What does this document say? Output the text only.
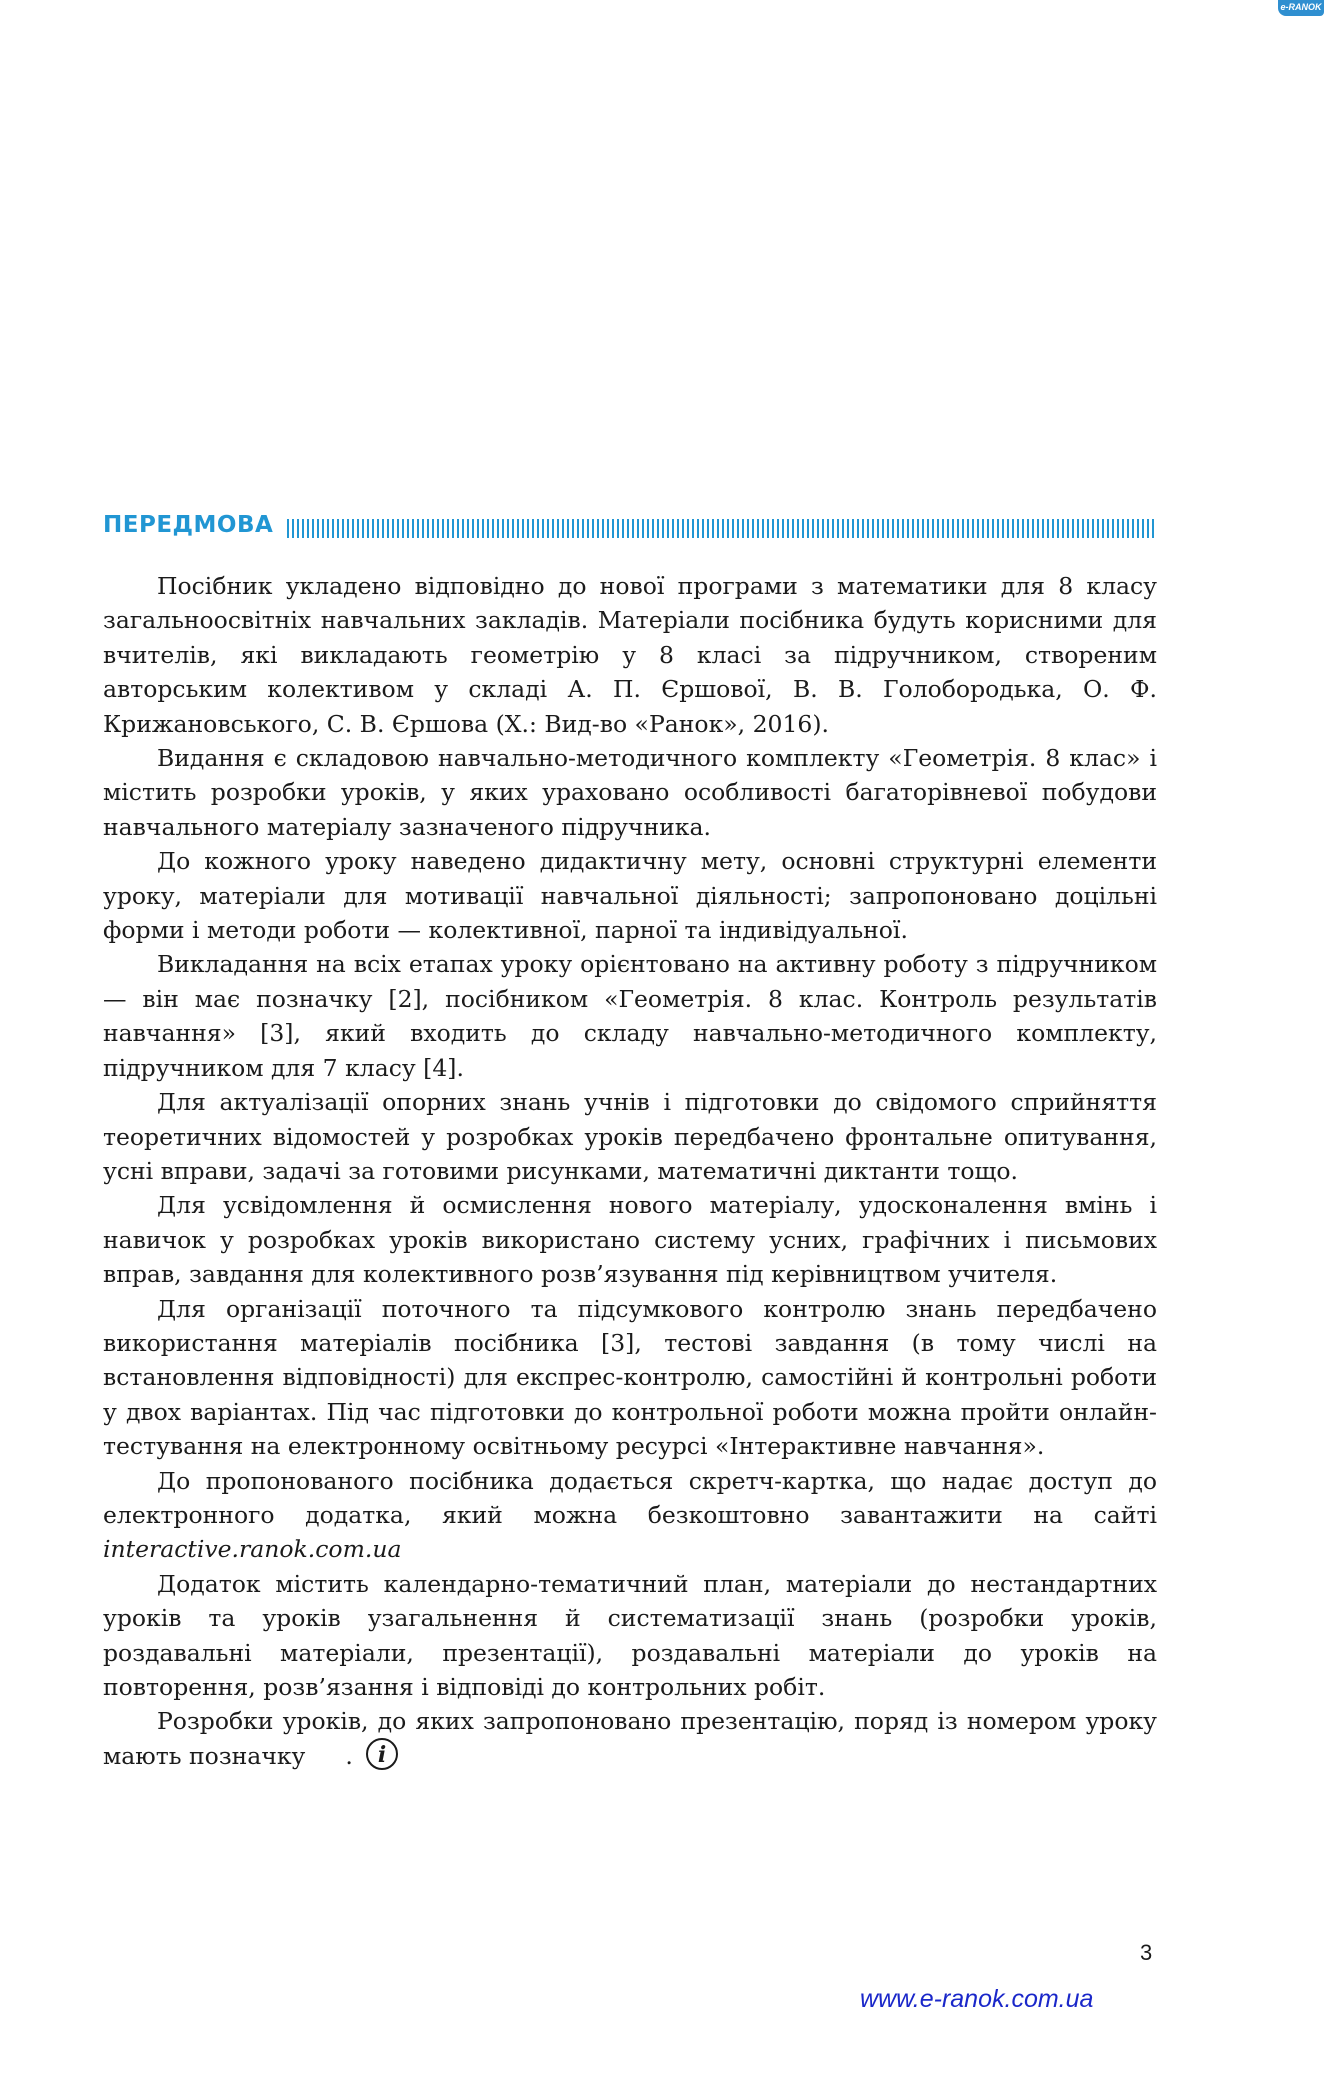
e-RANOK
ПЕРЕДМОВА

Посібник укладено відповідно до нової програми з математики для 8 класу загальноосвітніх навчальних закладів. Матеріали посібника будуть корисними для вчителів, які викладають геометрію у 8 класі за підручником, створеним авторським колективом у складі А. П. Єршової, В. В. Голобородька, О. Ф. Крижановського, С. В. Єршова (Х.: Вид-во «Ранок», 2016).

Видання є складовою навчально-методичного комплекту «Геометрія. 8 клас» і містить розробки уроків, у яких ураховано особливості багаторівневої побудови навчального матеріалу зазначеного підручника.

До кожного уроку наведено дидактичну мету, основні структурні елементи уроку, матеріали для мотивації навчальної діяльності; запропоновано доцільні форми і методи роботи — колективної, парної та індивідуальної.

Викладання на всіх етапах уроку орієнтовано на активну роботу з підручником — він має позначку [2], посібником «Геометрія. 8 клас. Контроль результатів навчання» [3], який входить до складу навчально-методичного комплекту, підручником для 7 класу [4].

Для актуалізації опорних знань учнів і підготовки до свідомого сприйняття теоретичних відомостей у розробках уроків передбачено фронтальне опитування, усні вправи, задачі за готовими рисунками, математичні диктанти тощо.

Для усвідомлення й осмислення нового матеріалу, удосконалення вмінь і навичок у розробках уроків використано систему усних, графічних і письмових вправ, завдання для колективного розв’язування під керівництвом учителя.

Для організації поточного та підсумкового контролю знань передбачено використання матеріалів посібника [3], тестові завдання (в тому числі на встановлення відповідності) для експрес-контролю, самостійні й контрольні роботи у двох варіантах. Під час підготовки до контрольної роботи можна пройти онлайн-тестування на електронному освітньому ресурсі «Інтерактивне навчання».

До пропонованого посібника додається скретч-картка, що надає доступ до електронного додатка, який можна безкоштовно завантажити на сайті interactive.ranok.com.ua

Додаток містить календарно-тематичний план, матеріали до нестандартних уроків та уроків узагальнення й систематизації знань (розробки уроків, роздавальні матеріали, презентації), роздавальні матеріали до уроків на повторення, розв’язання і відповіді до контрольних робіт.

Розробки уроків, до яких запропоновано презентацію, поряд із номером уроку мають позначку	i
.

3
www.e-ranok.com.ua
